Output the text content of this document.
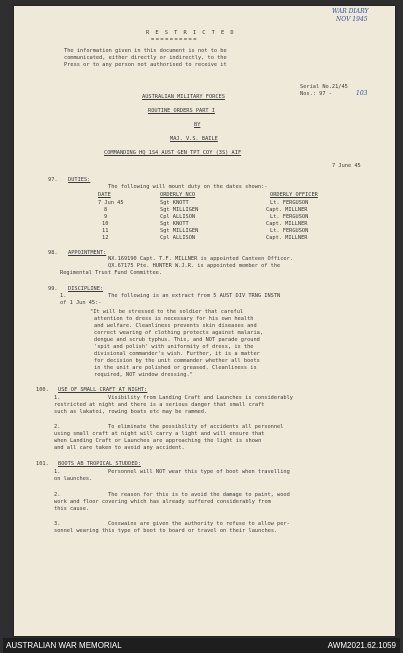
R E S T R I C T E D
==========
WAR DIARY
NOV 1945
The information given in this document is not to be
communicated, either directly or indirectly, to the
Press or to any person not authorised to receive it
Serial No.21/45
Nos.: 97 -	103
AUSTRALIAN MILITARY FORCES
ROUTINE ORDERS PART I
BY
MAJ. V.S. BAILE
COMMANDING HQ 1S4 AUST GEN TPT COY (3S) AIF
7 June 45
97. DUTIES:
The following will mount duty on the dates shown:-
DATE	ORDERLY NCO	ORDERLY OFFICER
7 Jun 45	Sgt KNOTT	Lt. FERGUSON
8	Sgt MILLIGEN	Capt. MILLNER
9	Cpl ALLISON	Lt. FERGUSON
10	Sgt KNOTT	Capt. MILLNER
11	Sgt MILLIGEN	Lt. FERGUSON
12	Cpl ALLISON	Capt. MILLNER
98. APPOINTMENT:
NX.169190 Capt. T.F. MILLNER is appointed Canteen Officer.
QX.67175 Pte. HUNTER W.J.R. is appointed member of the
Regimental Trust Fund Committee.
99. DISCIPLINE:
1.	The following is an extract from 5 AUST DIV TRNG INSTN
of 1 Jun 45:-
"It will be stressed to the soldier that careful
attention to dress is necessary for his own health
and welfare. Cleanliness prevents skin diseases and
correct wearing of clothing protects against malaria,
dengue and scrub typhus. This, and NOT parade ground
'spit and polish' with uniformity of dress, is the
divisional commander's wish. Further, it is a matter
for decision by the unit commander whether all boots
in the unit are polished or greased. Cleanliness is
required, NOT window dressing."
100. USE OF SMALL CRAFT AT NIGHT:
1.	Visibility from Landing Craft and Launches is considerably
restricted at night and there is a serious danger that small craft
such as lakatoi, rowing boats etc may be rammed.
2.	To eliminate the possibility of accidents all personnel
using small craft at night will carry a light and will ensure that
when Landing Craft or Launches are approaching the light is shown
and all care taken to avoid any accident.
101. BOOTS AB TROPICAL STUDDED:
1.	Personnel will NOT wear this type of boot when travelling
on launches.
2.	The reason for this is to avoid the damage to paint, wood
work and floor covering which has already suffered considerably from
this cause.
3.	Coxswains are given the authority to refuse to allow per-
sonnel wearing this type of boot to board or travel on their launches.
AUSTRALIAN WAR MEMORIAL	AWM2021.62.1059
